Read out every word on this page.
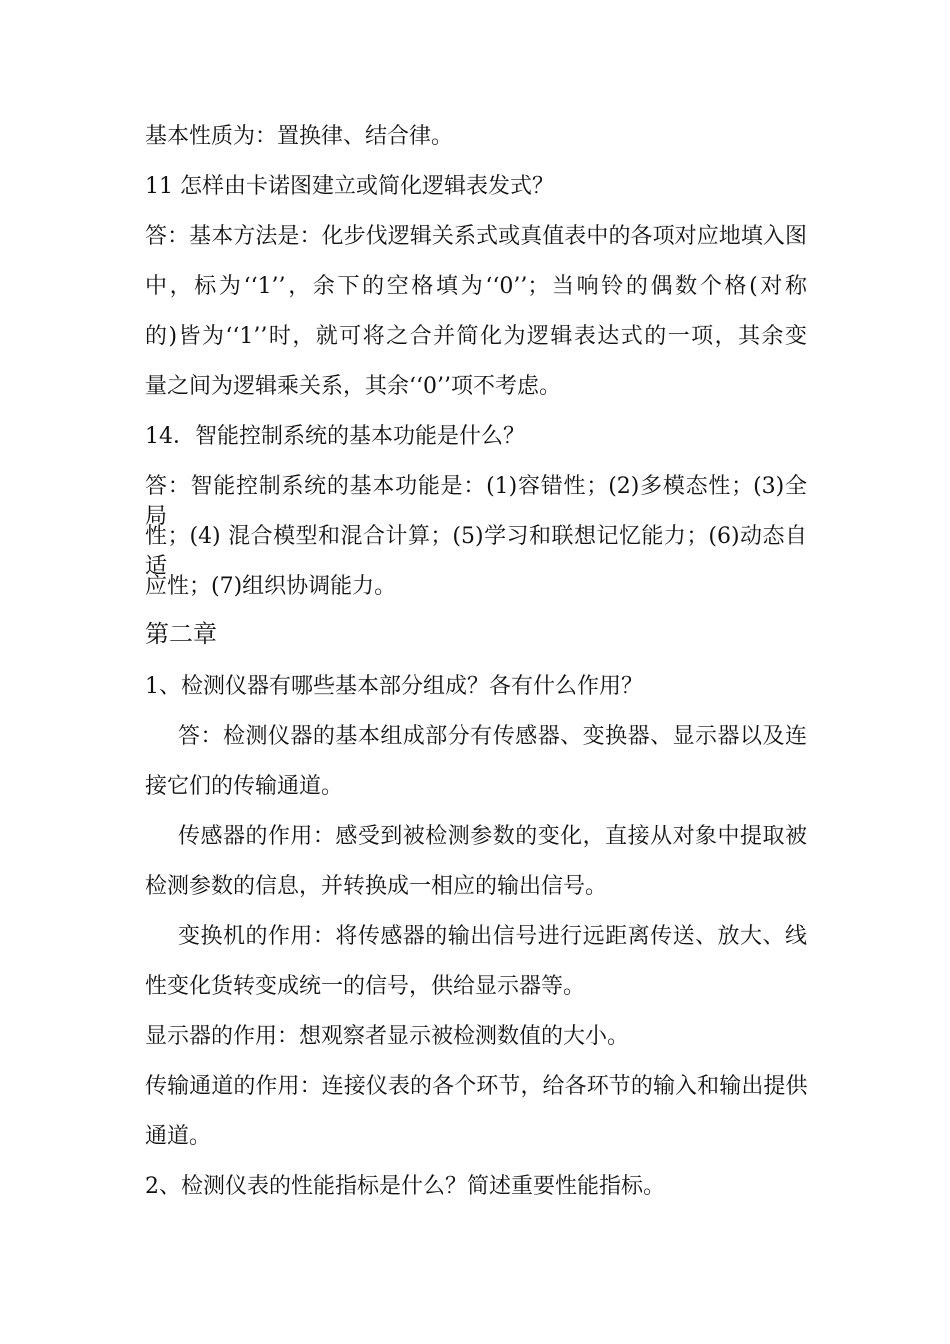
基本性质为：置换律、结合律。
11 怎样由卡诺图建立或简化逻辑表发式？
答：基本方法是：化步伐逻辑关系式或真值表中的各项对应地填入图
中，标为‘‘1’’，余下的空格填为‘‘0’’；当响铃的偶数个格(对称
的)皆为‘‘1’’时，就可将之合并简化为逻辑表达式的一项，其余变
量之间为逻辑乘关系，其余‘‘0’’项不考虑。
14．智能控制系统的基本功能是什么？
答：智能控制系统的基本功能是：(1)容错性；(2)多模态性；(3)全局
性；(4) 混合模型和混合计算；(5)学习和联想记忆能力；(6)动态自适
应性；(7)组织协调能力。
第二章
1、检测仪器有哪些基本部分组成？各有什么作用？
答：检测仪器的基本组成部分有传感器、变换器、显示器以及连
接它们的传输通道。
传感器的作用：感受到被检测参数的变化，直接从对象中提取被
检测参数的信息，并转换成一相应的输出信号。
变换机的作用：将传感器的输出信号进行远距离传送、放大、线
性变化货转变成统一的信号，供给显示器等。
显示器的作用：想观察者显示被检测数值的大小。
传输通道的作用：连接仪表的各个环节，给各环节的输入和输出提供
通道。
2、检测仪表的性能指标是什么？简述重要性能指标。
